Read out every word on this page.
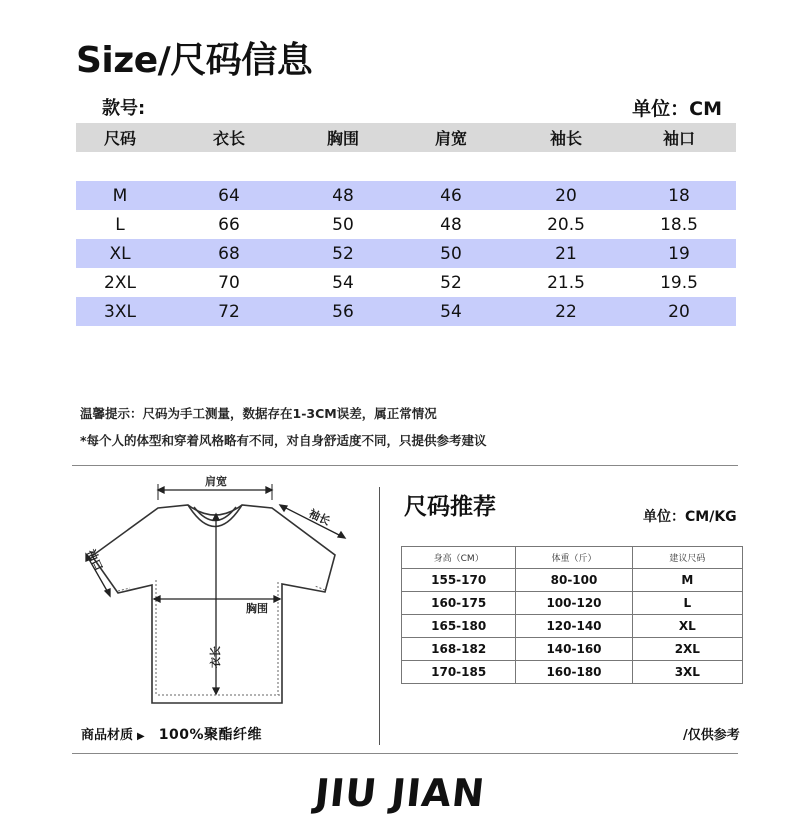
Size/尺码信息
款号:	单位：CM
尺码	衣长	胸围	肩宽	袖长	袖口

M	64	48	46	20	18
L	66	50	48	20.5	18.5
XL	68	52	50	21	19
2XL	70	54	52	21.5	19.5
3XL	72	56	54	22	20
温馨提示：尺码为手工测量，数据存在1-3CM误差，属正常情况
*每个人的体型和穿着风格略有不同，对自身舒适度不同，只提供参考建议
肩宽
袖长
袖口
胸围
衣长
尺码推荐	单位：CM/KG
身高（CM）	体重（斤）	建议尺码
155-170	80-100	M
160-175	100-120	L
165-180	120-140	XL
168-182	140-160	2XL
170-185	160-180	3XL
商品材质 ▶ 100%聚酯纤维	/仅供参考
JIU JIAN
